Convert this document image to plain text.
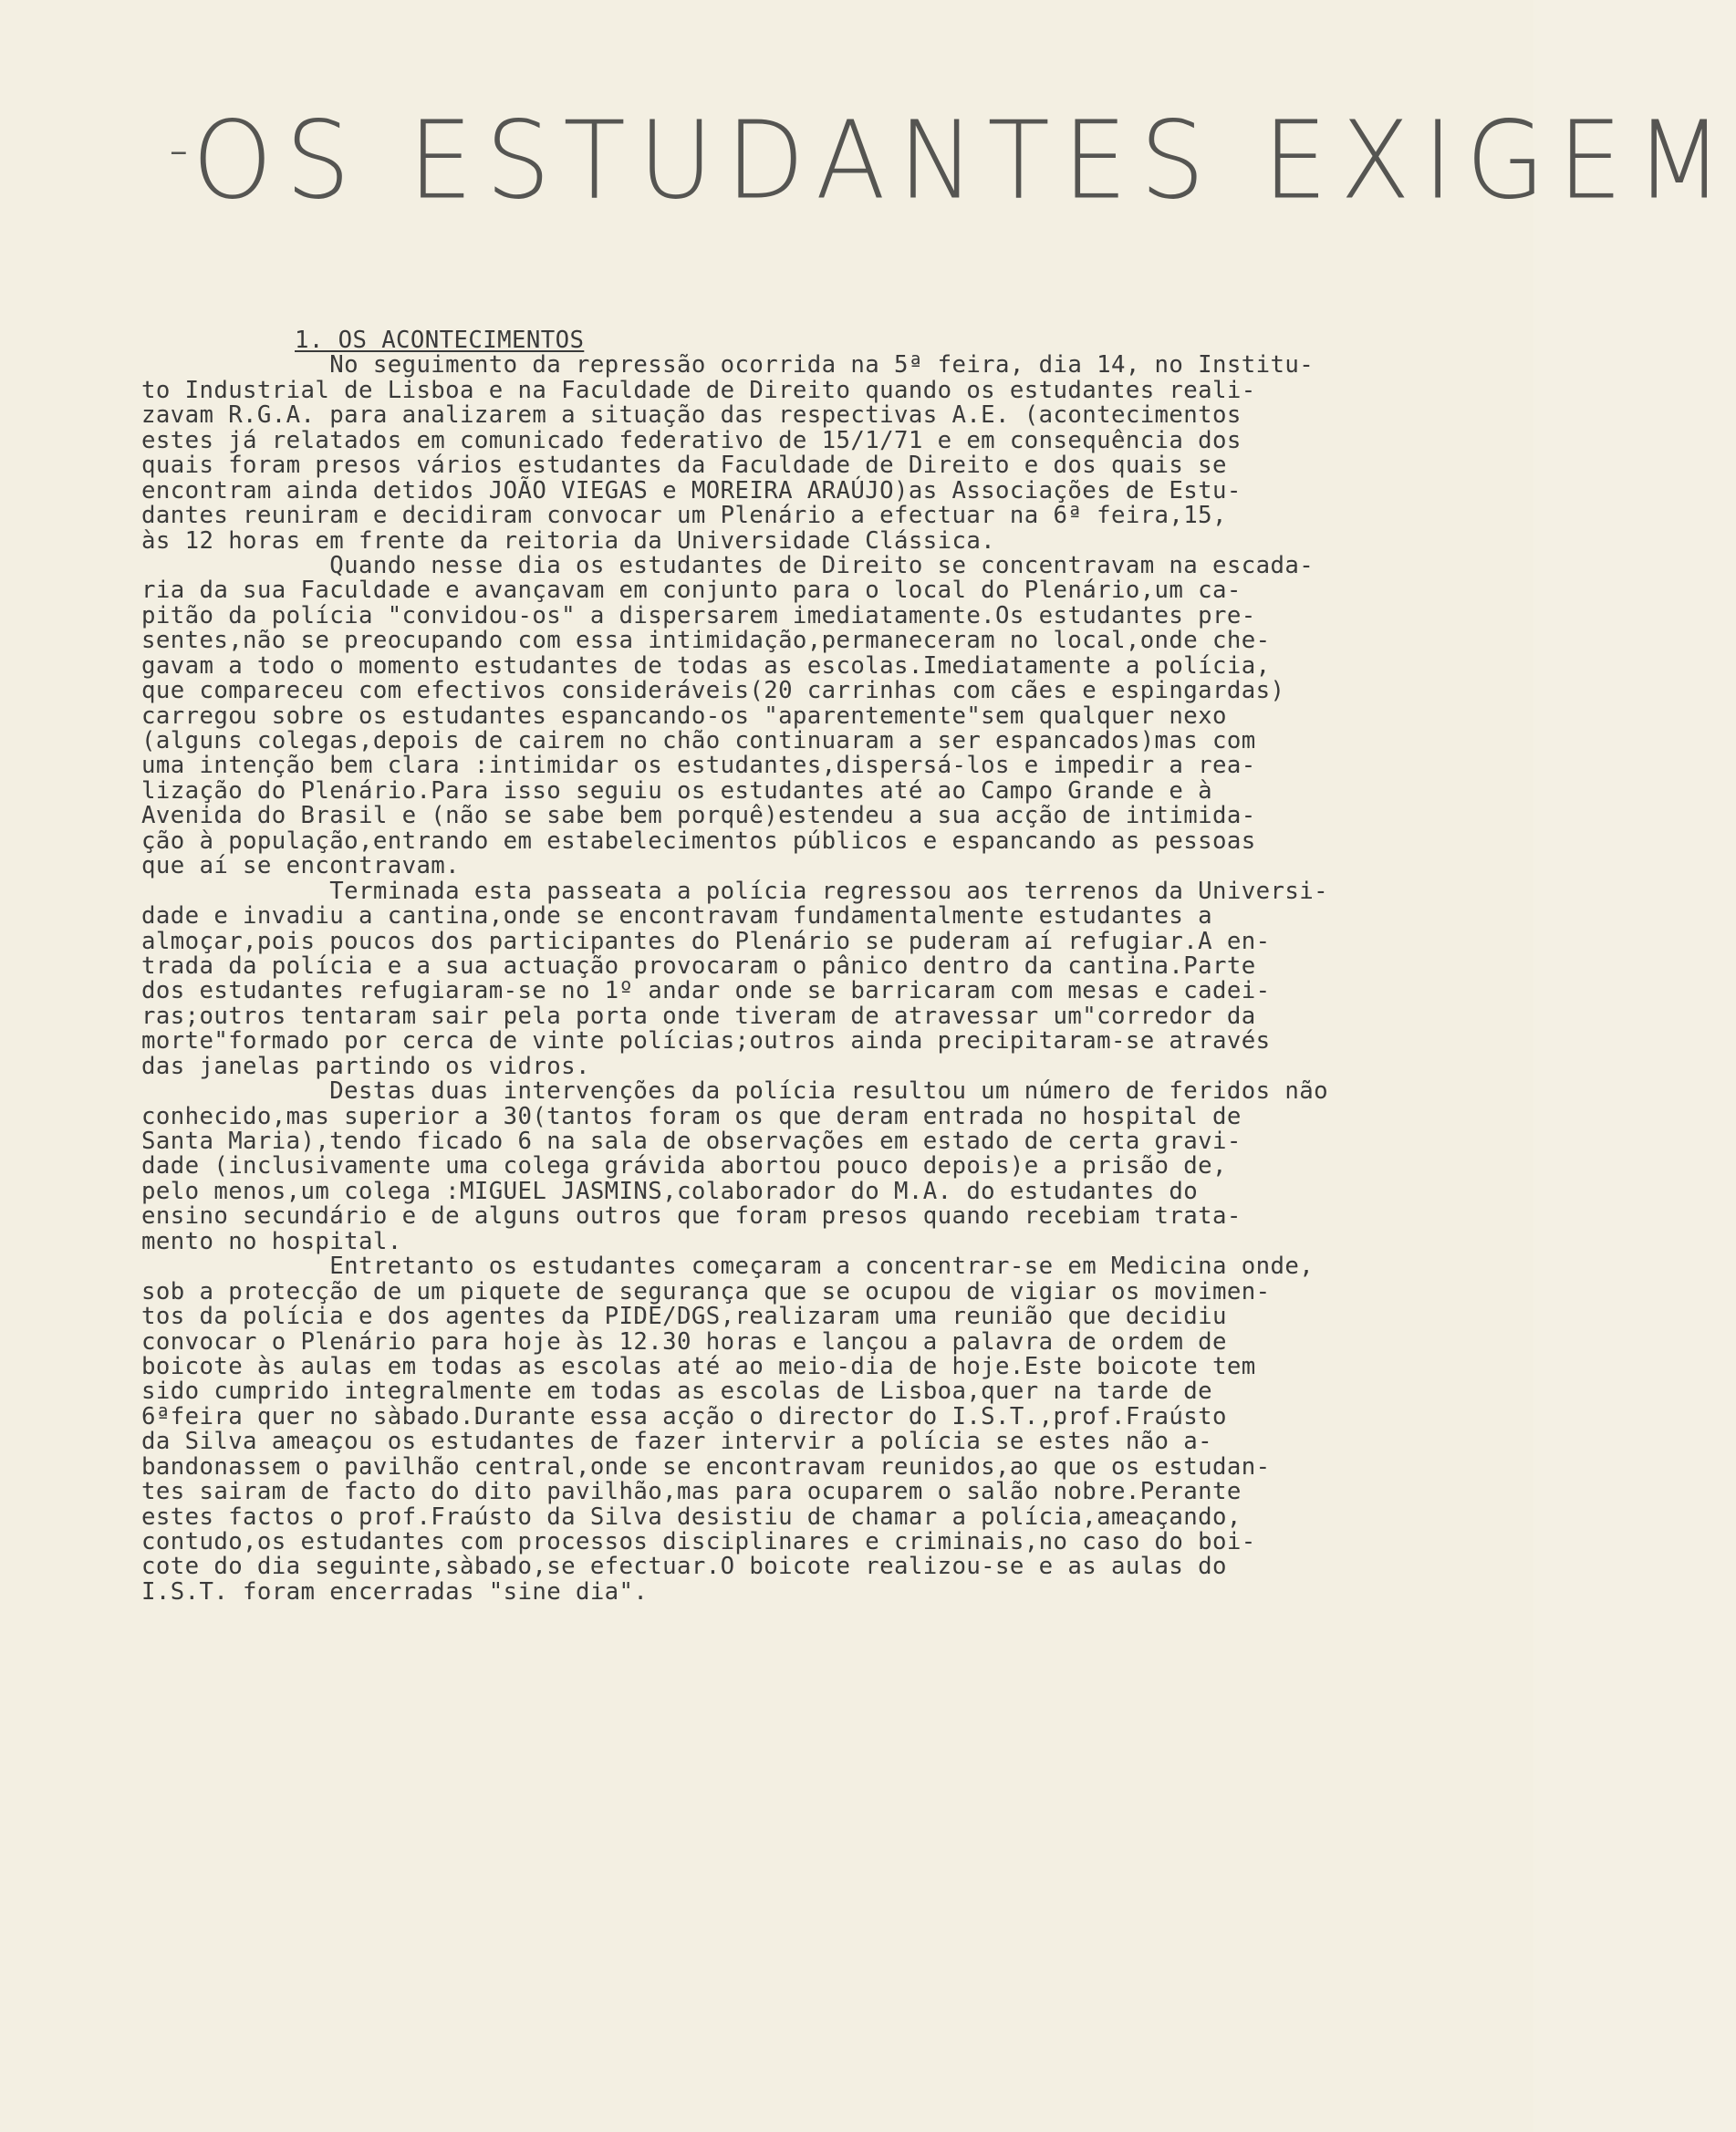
-OS ESTUDANTES EXIGEM
1. OS ACONTECIMENTOS
No seguimento da repressão ocorrida na 5ª feira, dia 14, no Institu-
to Industrial de Lisboa e na Faculdade de Direito quando os estudantes reali-
zavam R.G.A. para analizarem a situação das respectivas A.E. (acontecimentos
estes já relatados em comunicado federativo de 15/1/71 e em consequência dos
quais foram presos vários estudantes da Faculdade de Direito e dos quais se
encontram ainda detidos JOÃO VIEGAS e MOREIRA ARAÚJO)as Associações de Estu-
dantes reuniram e decidiram convocar um Plenário a efectuar na 6ª feira,15,
às 12 horas em frente da reitoria da Universidade Clássica.
Quando nesse dia os estudantes de Direito se concentravam na escada-
ria da sua Faculdade e avançavam em conjunto para o local do Plenário,um ca-
pitão da polícia "convidou-os" a dispersarem imediatamente.Os estudantes pre-
sentes,não se preocupando com essa intimidação,permaneceram no local,onde che-
gavam a todo o momento estudantes de todas as escolas.Imediatamente a polícia,
que compareceu com efectivos consideráveis(20 carrinhas com cães e espingardas)
carregou sobre os estudantes espancando-os "aparentemente"sem qualquer nexo
(alguns colegas,depois de cairem no chão continuaram a ser espancados)mas com
uma intenção bem clara :intimidar os estudantes,dispersá-los e impedir a rea-
lização do Plenário.Para isso seguiu os estudantes até ao Campo Grande e à
Avenida do Brasil e (não se sabe bem porquê)estendeu a sua acção de intimida-
ção à população,entrando em estabelecimentos públicos e espancando as pessoas
que aí se encontravam.
Terminada esta passeata a polícia regressou aos terrenos da Universi-
dade e invadiu a cantina,onde se encontravam fundamentalmente estudantes a
almoçar,pois poucos dos participantes do Plenário se puderam aí refugiar.A en-
trada da polícia e a sua actuação provocaram o pânico dentro da cantina.Parte
dos estudantes refugiaram-se no 1º andar onde se barricaram com mesas e cadei-
ras;outros tentaram sair pela porta onde tiveram de atravessar um"corredor da
morte"formado por cerca de vinte polícias;outros ainda precipitaram-se através
das janelas partindo os vidros.
Destas duas intervenções da polícia resultou um número de feridos não
conhecido,mas superior a 30(tantos foram os que deram entrada no hospital de
Santa Maria),tendo ficado 6 na sala de observações em estado de certa gravi-
dade (inclusivamente uma colega grávida abortou pouco depois)e a prisão de,
pelo menos,um colega :MIGUEL JASMINS,colaborador do M.A. do estudantes do
ensino secundário e de alguns outros que foram presos quando recebiam trata-
mento no hospital.
Entretanto os estudantes começaram a concentrar-se em Medicina onde,
sob a protecção de um piquete de segurança que se ocupou de vigiar os movimen-
tos da polícia e dos agentes da PIDE/DGS,realizaram uma reunião que decidiu
convocar o Plenário para hoje às 12.30 horas e lançou a palavra de ordem de
boicote às aulas em todas as escolas até ao meio-dia de hoje.Este boicote tem
sido cumprido integralmente em todas as escolas de Lisboa,quer na tarde de
6ªfeira quer no sàbado.Durante essa acção o director do I.S.T.,prof.Fraústo
da Silva ameaçou os estudantes de fazer intervir a polícia se estes não a-
bandonassem o pavilhão central,onde se encontravam reunidos,ao que os estudan-
tes sairam de facto do dito pavilhão,mas para ocuparem o salão nobre.Perante
estes factos o prof.Fraústo da Silva desistiu de chamar a polícia,ameaçando,
contudo,os estudantes com processos disciplinares e criminais,no caso do boi-
cote do dia seguinte,sàbado,se efectuar.O boicote realizou-se e as aulas do
I.S.T. foram encerradas "sine dia".
